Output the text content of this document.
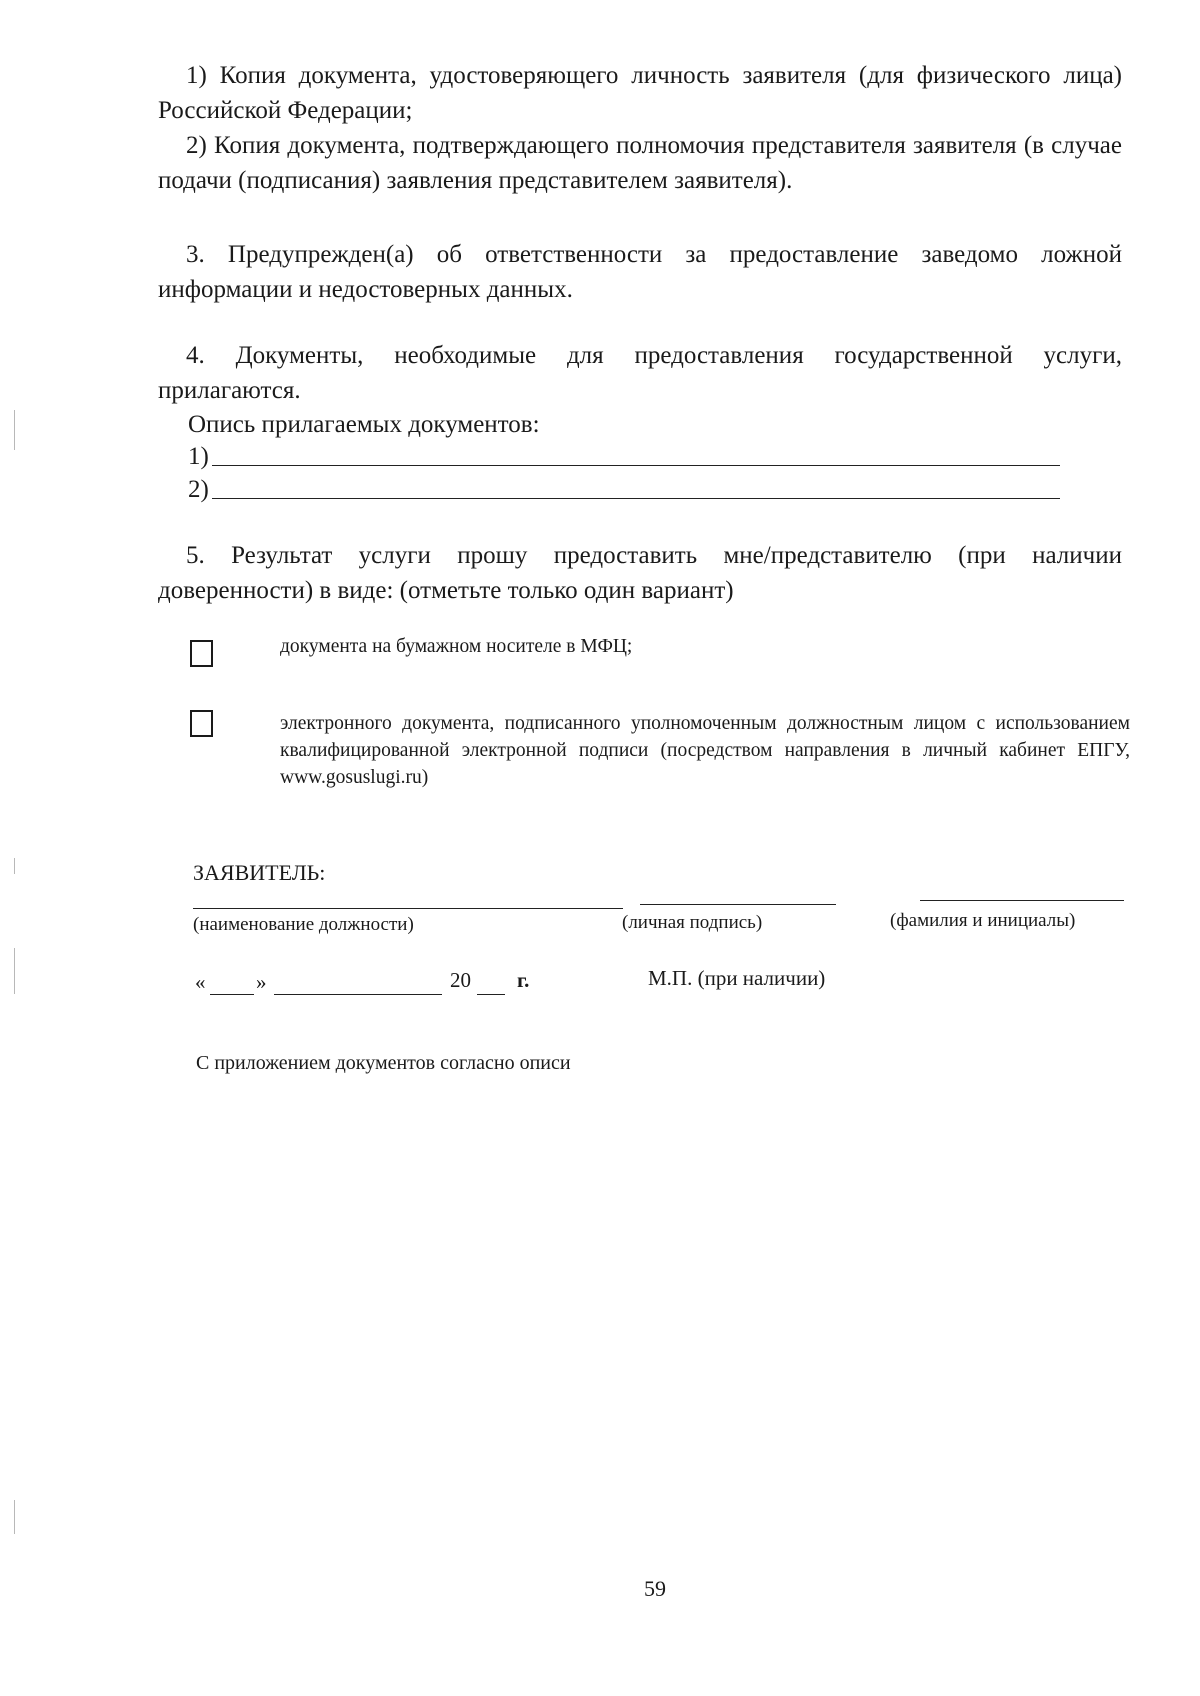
1) Копия документа, удостоверяющего личность заявителя (для физического лица) Российской Федерации;

2) Копия документа, подтверждающего полномочия представителя заявителя (в случае подачи (подписания) заявления представителем заявителя).

3. Предупрежден(а) об ответственности за предоставление заведомо ложной информации и недостоверных данных.

4. Документы, необходимые для предоставления государственной услуги, прилагаются.

Опись прилагаемых документов:
1)
2)

5. Результат услуги прошу предоставить мне/представителю (при наличии доверенности) в виде: (отметьте только один вариант)

документа на бумажном носителе в МФЦ;
электронного документа, подписанного уполномоченным должностным лицом с использованием квалифицированной электронной подписи (посредством направления в личный кабинет ЕПГУ, www.gosuslugi.ru)
ЗАЯВИТЕЛЬ:
(наименование должности)	(личная подпись)	(фамилия и инициалы)
« »	20 г.	М.П. (при наличии)
С приложением документов согласно описи
59
